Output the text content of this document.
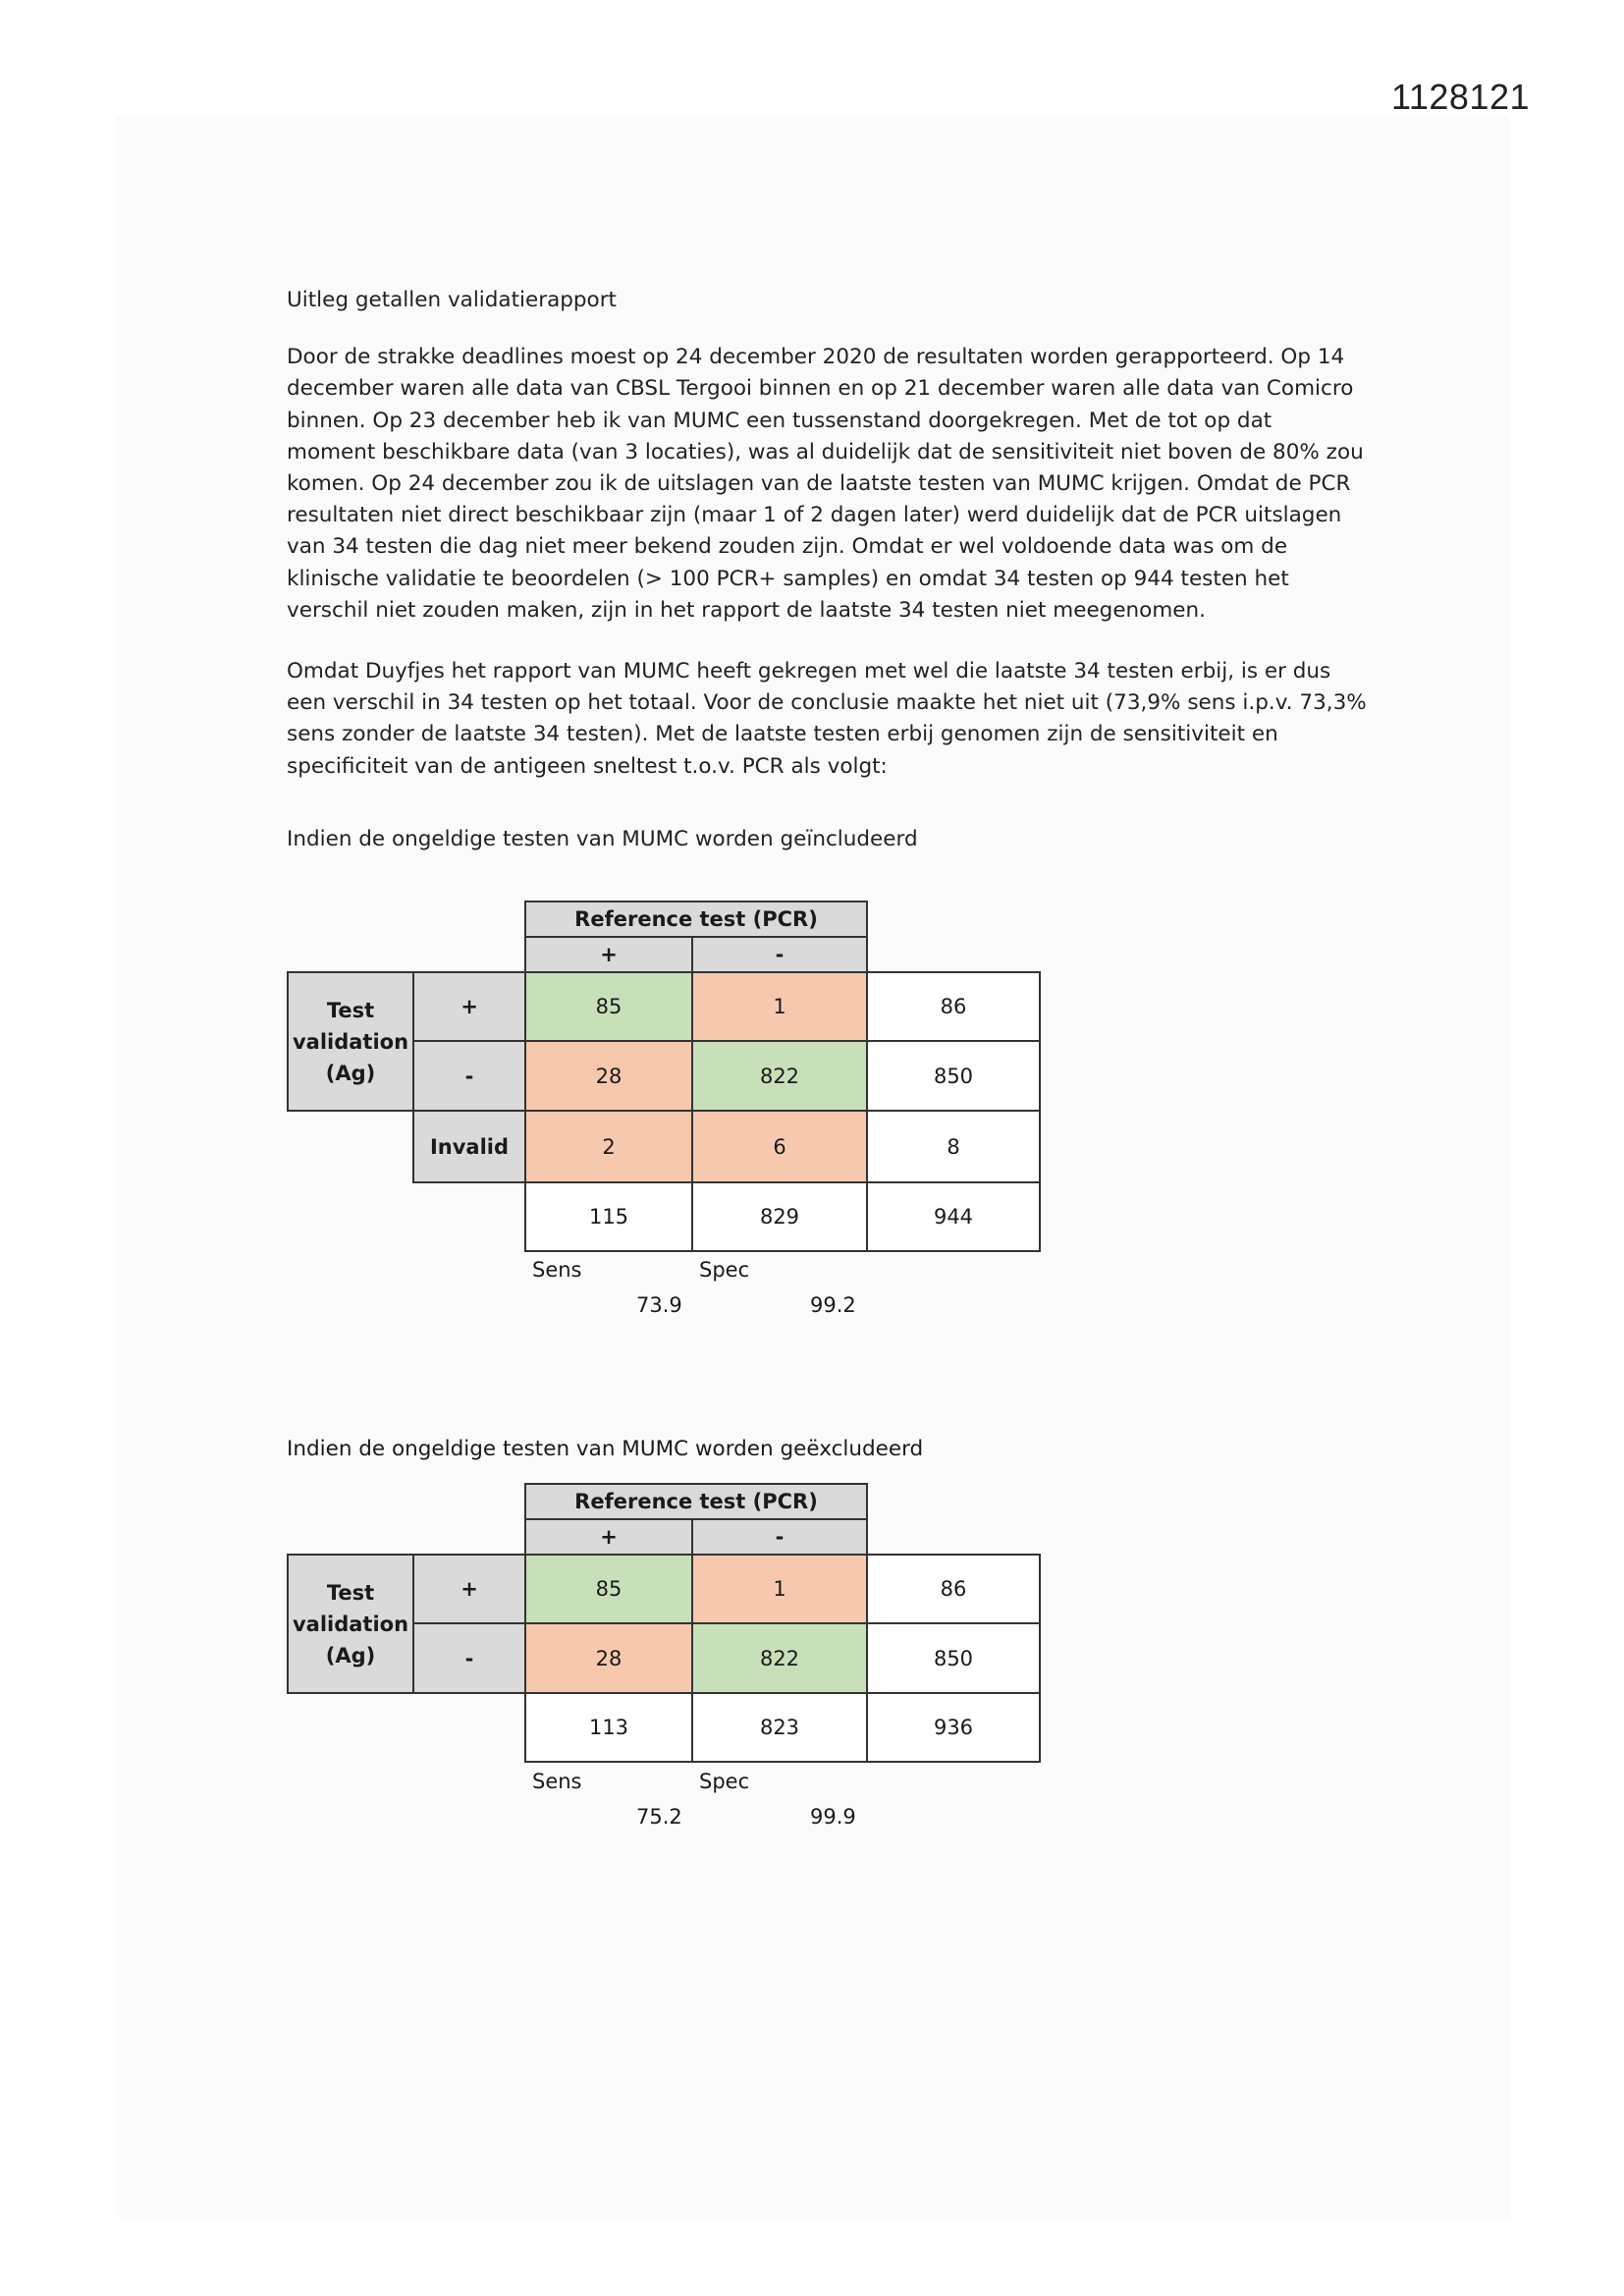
1128121

Uitleg getallen validatierapport

Door de strakke deadlines moest op 24 december 2020 de resultaten worden gerapporteerd. Op 14 december waren alle data van CBSL Tergooi binnen en op 21 december waren alle data van Comicro binnen. Op 23 december heb ik van MUMC een tussenstand doorgekregen. Met de tot op dat moment beschikbare data (van 3 locaties), was al duidelijk dat de sensitiviteit niet boven de 80% zou komen. Op 24 december zou ik de uitslagen van de laatste testen van MUMC krijgen. Omdat de PCR resultaten niet direct beschikbaar zijn (maar 1 of 2 dagen later) werd duidelijk dat de PCR uitslagen van 34 testen die dag niet meer bekend zouden zijn. Omdat er wel voldoende data was om de klinische validatie te beoordelen (> 100 PCR+ samples) en omdat 34 testen op 944 testen het verschil niet zouden maken, zijn in het rapport de laatste 34 testen niet meegenomen.

Omdat Duyfjes het rapport van MUMC heeft gekregen met wel die laatste 34 testen erbij, is er dus een verschil in 34 testen op het totaal. Voor de conclusie maakte het niet uit (73,9% sens i.p.v. 73,3% sens zonder de laatste 34 testen). Met de laatste testen erbij genomen zijn de sensitiviteit en specificiteit van de antigeen sneltest t.o.v. PCR als volgt:

Indien de ongeldige testen van MUMC worden geïncludeerd

		Reference test (PCR)		
		+	-	
Test validation (Ag)	+	85	1	86
	-	28	822	850
	Invalid	2	6	8
		115	829	944
Sens	Spec
73.9	99.2
Indien de ongeldige testen van MUMC worden geëxcludeerd
		Reference test (PCR)		
		+	-	
Test validation (Ag)	+	85	1	86
	-	28	822	850
		113	823	936
Sens	Spec
75.2	99.9
